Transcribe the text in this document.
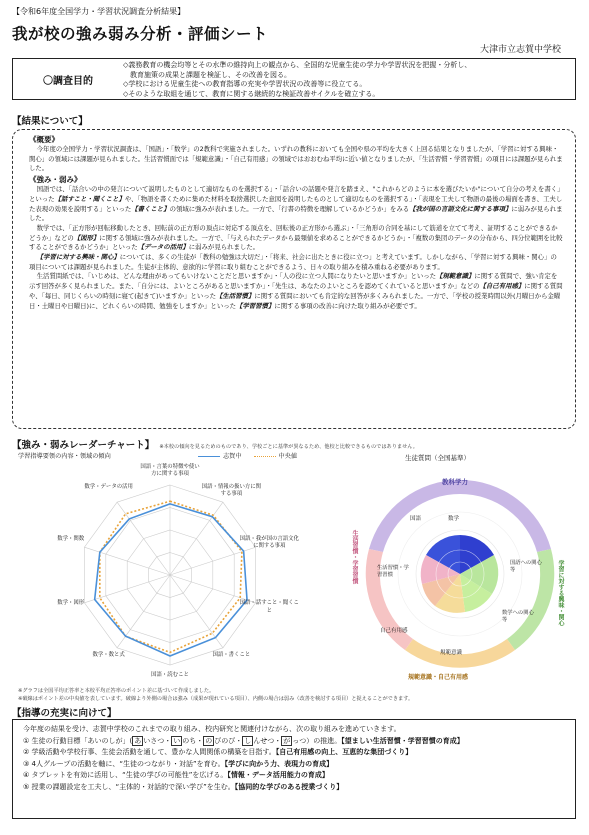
【令和6年度全国学力・学習状況調査分析結果】
我が校の強み弱み分析・評価シート
大津市立志賀中学校
〇調査目的
◇義務教育の機会均等とその水準の維持向上の観点から、全国的な児童生徒の学力や学習状況を把握・分析し、
　教育施策の成果と課題を検証し、その改善を図る。
◇学校における児童生徒への教育指導の充実や学習状況の改善等に役立てる。
◇そのような取組を通じて、教育に関する継続的な検証改善サイクルを確立する。
【結果について】

《概要》

今年度の全国学力・学習状況調査は、「国語」・「数学」の2教科で実施されました。いずれの教科においても全国や県の平均を大きく上回る結果となりましたが、「学習に対する興味・関心」の領域には課題が見られました。生活習慣面では「規範意識」・「自己有用感」の領域ではおおむね平均に近い値となりましたが、「生活習慣・学習習慣」の項目には課題が見られました。

《強み・弱み》

国語では、「話合いの中の発言について説明したものとして適切なものを選択する」・「話合いの話題や発言を踏まえ、"これからどのように本を選びたいか"について自分の考えを書く」といった【話すこと・聞くこと】や、「物語を書くために集めた材料を取捨選択した意図を説明したものとして適切なものを選択する」・「表現を工夫して物語の最後の場面を書き、工夫した表現の効果を説明する」といった【書くこと】の領域に強みが表れました。一方で、「行書の特徴を理解しているかどうか」をみる【我が国の言語文化に関する事項】に弱みが見られました。

数学では、「正方形が回転移動したとき、回転前の正方形の頂点に対応する頂点を、回転後の正方形から選ぶ」・「三角形の合同を基にして筋道を立てて考え、証明することができるかどうか」などの【図形】に関する領域に強みが表れました。一方で、「与えられたデータから最頻値を求めることができるかどうか」・「複数の集団のデータの分布から、四分位範囲を比較することができるかどうか」といった【データの活用】に弱みが見られました。

【学習に対する興味・関心】については、多くの生徒が「教科の勉強は大切だ」・「将来、社会に出たときに役に立つ」と考えています。しかしながら、「学習に対する興味・関心」の項目については課題が見られました。生徒が主体的、意欲的に学習に取り組むことができるよう、日々の取り組みを積み重ねる必要があります。

生活質問紙では、「いじめは、どんな理由があってもいけないことだと思いますか」・「人の役に立つ人間になりたいと思いますか」といった【規範意識】に関する質問で、強い肯定を示す回答が多く見られました。また、「自分には、よいところがあると思いますか」・「先生は、あなたのよいところを認めてくれていると思いますか」などの【自己有用感】に関する質問や、「毎日、同じくらいの時刻に寝て(起きて)いますか」といった【生活習慣】に関する質問においても肯定的な回答が多くみられました。一方で、「学校の授業時間以外(月曜日から金曜日・土曜日や日曜日)に、どれくらいの時間、勉強をしますか」といった【学習習慣】に関する事項の改善に向けた取り組みが必要です。

【強み・弱みレーダーチャート】 ※本校の傾向を見るためのものであり、学校ごとに基準が異なるため、他校と比較できるものではありません。
学習指導要領の内容・領域の傾向	志賀中	中央値
国語・言葉の特徴や使い方に関する事項
国語・情報の扱い方に関する事項
国語・我が国の言語文化に関する事項
国語・話すこと・聞くこと
国語・書くこと
国語・読むこと
数学・数と式
数学・図形
数学・関数
数学・データの活用
※グラフは全国平均正答率と本校平均正答率のポイント差に基づいて作成しました。
※破線はポイント差の中央値を表しています。破線より外側の場合は強み（成果が現れている項目）、内側の場合は弱み（改善を検討する項目）と捉えることができます。
生徒質問（全国基準）
教科学力
学習に対する興味・関心
規範意識・自己有用感
生活習慣・学習習慣
国語	数学
国語への関心等
数学への関心等
規範意識
自己有用感
生活習慣・学習習慣
【指導の充実に向けて】

今年度の結果を受け、志賀中学校のこれまでの取り組み、校内研究と関連付けながら、次の取り組みを進めていきます。

① 生徒の行動目標「あいのしが」( あ いさつ・ い のち・ の びのび・ し んせつ・ が っつ）の推進。【望ましい生活習慣・学習習慣の育成】

② 学級活動や学校行事、生徒会活動を通して、豊かな人間関係の構築を目指す。【自己有用感の向上、互恵的な集団づくり】

③ 4人グループの活動を軸に、“生徒のつながり・対話”を育む。【学びに向かう力、表現力の育成】

④ タブレットを有効に活用し、“生徒の学びの可能性”を広げる。【情報・データ活用能力の育成】

⑤ 授業の課題設定を工夫し、“主体的・対話的で深い学び”を生む。【協同的な学びのある授業づくり】
